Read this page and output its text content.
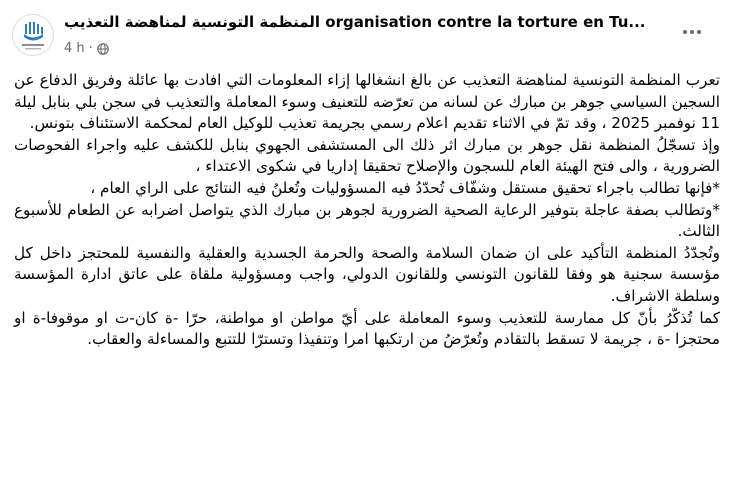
المنظمة التونسية لمناهضة التعذيب organisation contre la torture en Tu...
4 h ·

تعرب المنظمة التونسية لمناهضة التعذيب عن بالغ انشغالها إزاء المعلومات التي افادت بها عائلة وفريق الدفاع عن السجين السياسي جوهر بن مبارك عن لسانه من تعرّضه للتعنيف وسوء المعاملة والتعذيب في سجن بلي بنابل ليلة 11 نوفمبر 2025 ، وقد تمّ في الاثناء تقديم اعلام رسمي بجريمة تعذيب للوكيل العام لمحكمة الاستئناف بتونس.

وإذ تسجّلُ المنظمة نقل جوهر بن مبارك اثر ذلك الى المستشفى الجهوي بنابل للكشف عليه واجراء الفحوصات الضرورية ، والى فتح الهيئة العام للسجون والإصلاح تحقيقا إداريا في شكوى الاعتداء ،

*فإنها تطالب باجراء تحقيق مستقل وشفّاف تُحدّدُ فيه المسؤوليات وتُعلنُ فيه النتائج على الراي العام ،

*وتطالب بصفة عاجلة بتوفير الرعاية الصحية الضرورية لجوهر بن مبارك الذي يتواصل اضرابه عن الطعام للأسبوع الثالث.

وتُجدّدُ المنظمة التأكيد على ان ضمان السلامة والصحة والحرمة الجسدية والعقلية والنفسية للمحتجز داخل كل مؤسسة سجنية هو وفقا للقانون التونسي وللقانون الدولي، واجب ومسؤولية ملقاة على عاتق ادارة المؤسسة وسلطة الاشراف.

كما تُذكّرُ بأنّ كل ممارسة للتعذيب وسوء المعاملة على أيّ مواطن او مواطنة، حرّا -ة كان-ت او موقوفا-ة او محتجزا -ة ، جريمة لا تسقط بالتقادم وتُعرّضُ من ارتكبها امرا وتنفيذا وتسترّا للتتبع والمساءلة والعقاب.
